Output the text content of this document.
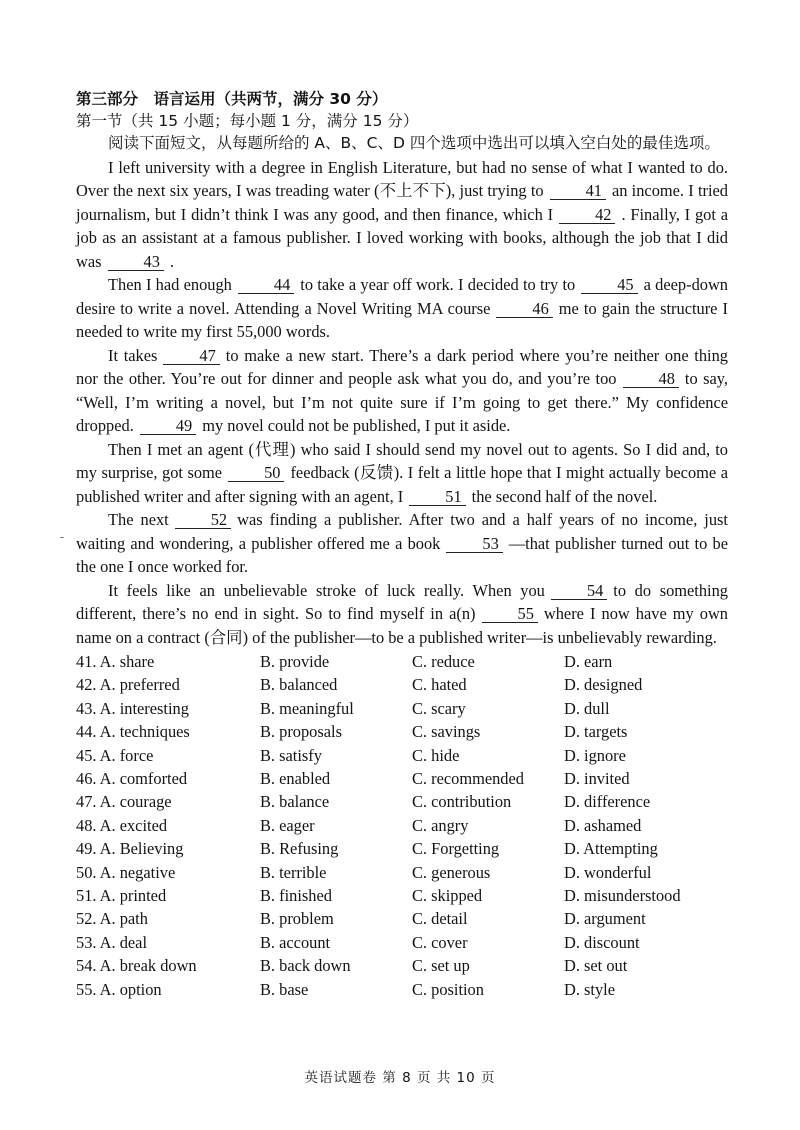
第三部分　语言运用（共两节，满分 30 分）

第一节（共 15 小题；每小题 1 分，满分 15 分）

阅读下面短文，从每题所给的 A、B、C、D 四个选项中选出可以填入空白处的最佳选项。

I left university with a degree in English Literature, but had no sense of what I wanted to do. Over the next six years, I was treading water (不上不下), just trying to	41 an income. I tried journalism, but I didn’t think I was any good, and then finance, which I	42 . Finally, I got a job as an assistant at a famous publisher. I loved working with books, although the job that I did was	43 .

Then I had enough	44 to take a year off work. I decided to try to	45 a deep-down desire to write a novel. Attending a Novel Writing MA course	46 me to gain the structure I needed to write my first 55,000 words.

It takes	47 to make a new start. There’s a dark period where you’re neither one thing nor the other. You’re out for dinner and people ask what you do, and you’re too	48 to say, “Well, I’m writing a novel, but I’m not quite sure if I’m going to get there.” My confidence dropped.	49 my novel could not be published, I put it aside.

Then I met an agent (代理) who said I should send my novel out to agents. So I did and, to my surprise, got some	50 feedback (反馈). I felt a little hope that I might actually become a published writer and after signing with an agent, I	51 the second half of the novel.

The next	52 was finding a publisher. After two and a half years of no income, just waiting and wondering, a publisher offered me a book	53 —that publisher turned out to be the one I once worked for.

It feels like an unbelievable stroke of luck really. When you	54 to do something different, there’s no end in sight. So to find myself in a(n)	55 where I now have my own name on a contract (合同) of the publisher—to be a published writer—is unbelievably rewarding.

41. A. share	B. provide	C. reduce	D. earn
42. A. preferred	B. balanced	C. hated	D. designed
43. A. interesting	B. meaningful	C. scary	D. dull
44. A. techniques	B. proposals	C. savings	D. targets
45. A. force	B. satisfy	C. hide	D. ignore
46. A. comforted	B. enabled	C. recommended	D. invited
47. A. courage	B. balance	C. contribution	D. difference
48. A. excited	B. eager	C. angry	D. ashamed
49. A. Believing	B. Refusing	C. Forgetting	D. Attempting
50. A. negative	B. terrible	C. generous	D. wonderful
51. A. printed	B. finished	C. skipped	D. misunderstood
52. A. path	B. problem	C. detail	D. argument
53. A. deal	B. account	C. cover	D. discount
54. A. break down	B. back down	C. set up	D. set out
55. A. option	B. base	C. position	D. style
-
英语试题卷 第 8 页 共 10 页
